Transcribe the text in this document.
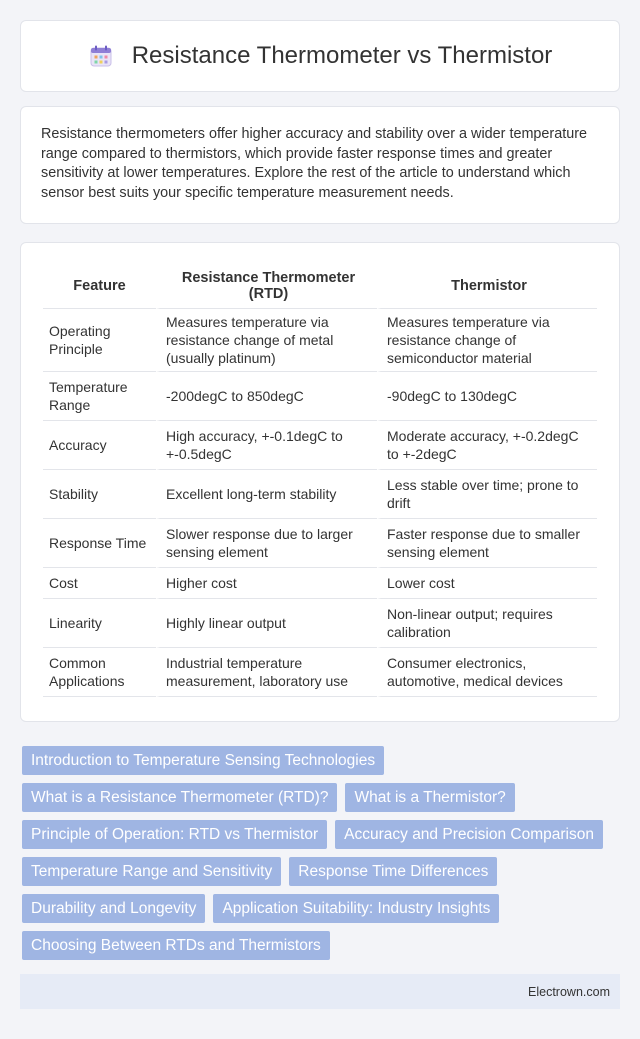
Resistance Thermometer vs Thermistor

Resistance thermometers offer higher accuracy and stability over a wider temperature range compared to thermistors, which provide faster response times and greater sensitivity at lower temperatures. Explore the rest of the article to understand which sensor best suits your specific temperature measurement needs.

Feature	Resistance Thermometer (RTD)	Thermistor
Operating Principle	Measures temperature via resistance change of metal (usually platinum)	Measures temperature via resistance change of semiconductor material
Temperature Range	-200degC to 850degC	-90degC to 130degC
Accuracy	High accuracy, +-0.1degC to +-0.5degC	Moderate accuracy, +-0.2degC to +-2degC
Stability	Excellent long-term stability	Less stable over time; prone to drift
Response Time	Slower response due to larger sensing element	Faster response due to smaller sensing element
Cost	Higher cost	Lower cost
Linearity	Highly linear output	Non-linear output; requires calibration
Common Applications	Industrial temperature measurement, laboratory use	Consumer electronics, automotive, medical devices
Introduction to Temperature Sensing Technologies
What is a Resistance Thermometer (RTD)?	What is a Thermistor?
Principle of Operation: RTD vs Thermistor	Accuracy and Precision Comparison
Temperature Range and Sensitivity	Response Time Differences
Durability and Longevity	Application Suitability: Industry Insights
Choosing Between RTDs and Thermistors
Electrown.com
